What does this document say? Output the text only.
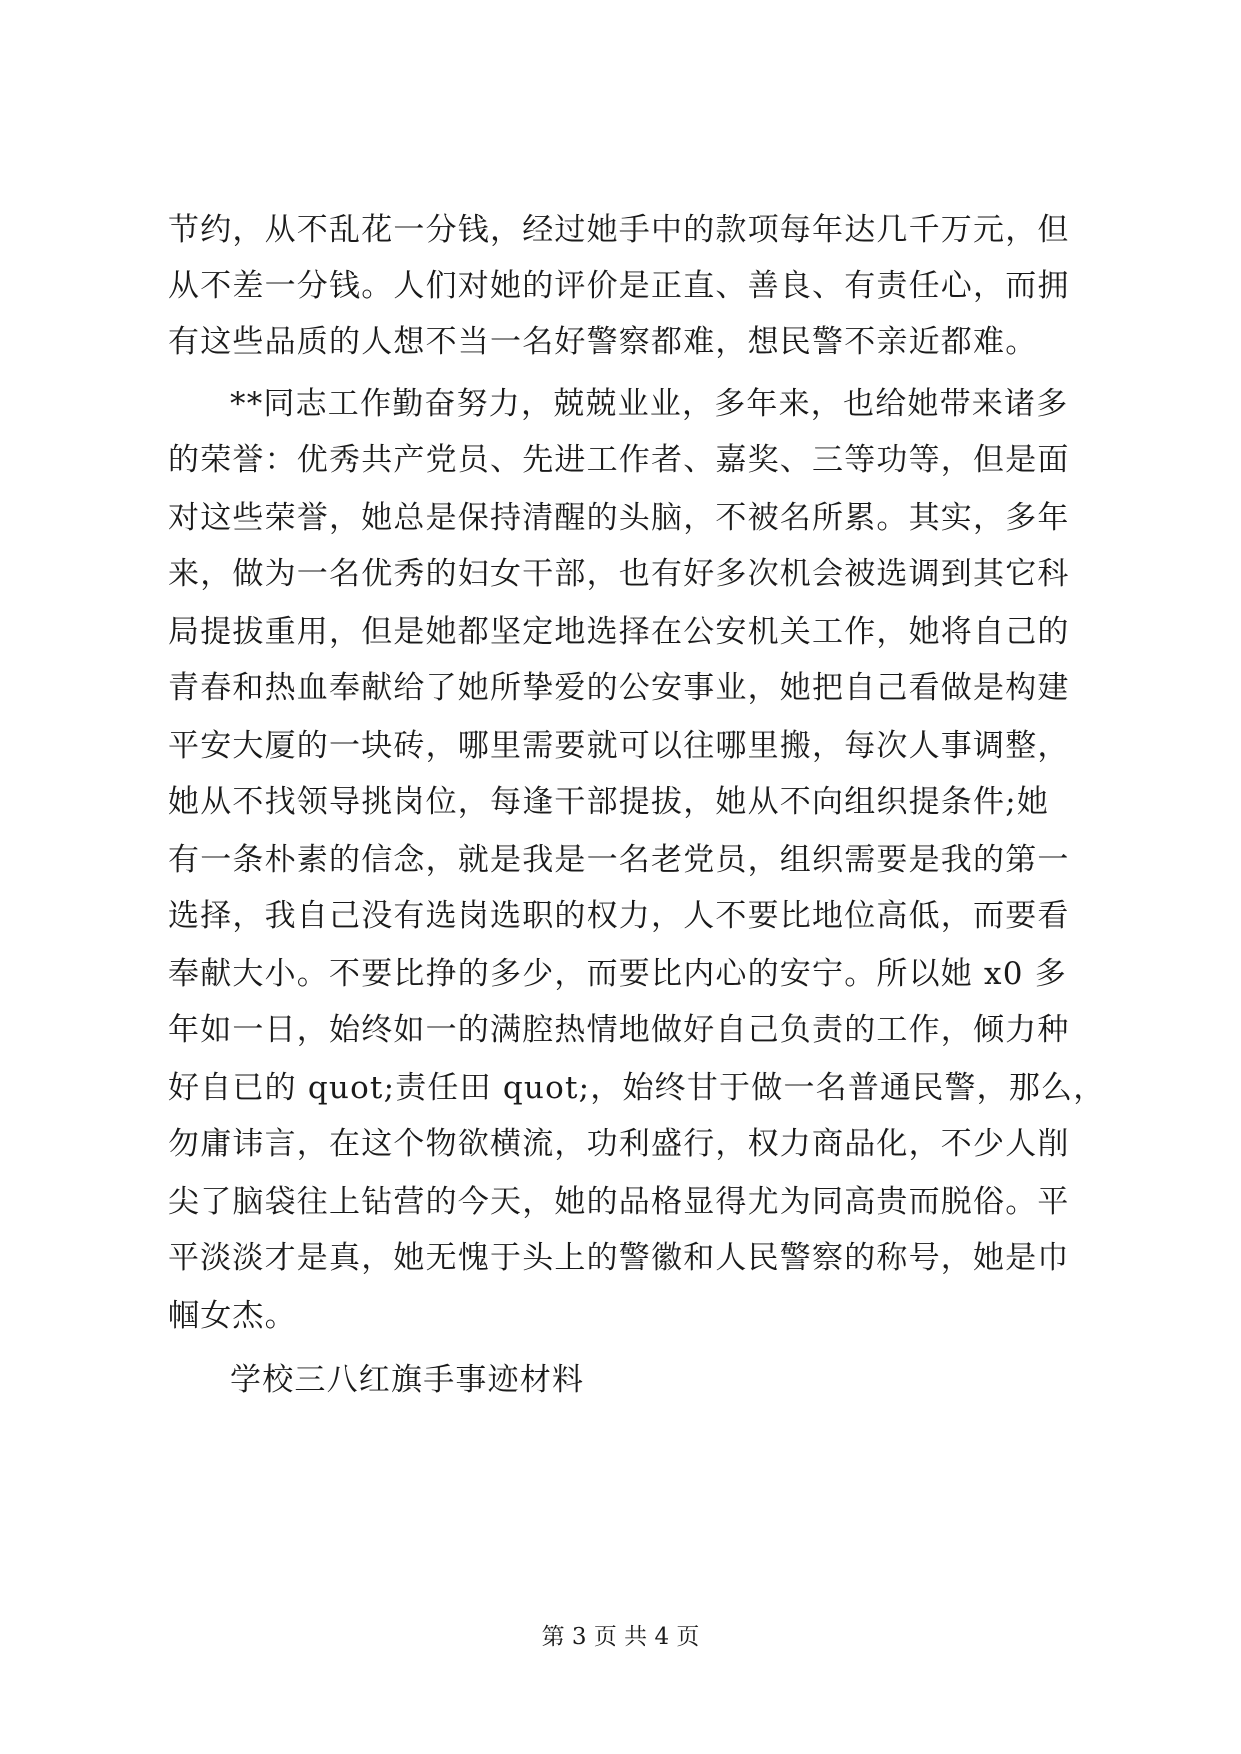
节约，从不乱花一分钱，经过她手中的款项每年达几千万元，但
从不差一分钱。人们对她的评价是正直、善良、有责任心，而拥
有这些品质的人想不当一名好警察都难，想民警不亲近都难。
**同志工作勤奋努力，兢兢业业，多年来，也给她带来诸多
的荣誉：优秀共产党员、先进工作者、嘉奖、三等功等，但是面
对这些荣誉，她总是保持清醒的头脑，不被名所累。其实，多年
来，做为一名优秀的妇女干部，也有好多次机会被选调到其它科
局提拔重用，但是她都坚定地选择在公安机关工作，她将自己的
青春和热血奉献给了她所挚爱的公安事业，她把自己看做是构建
平安大厦的一块砖，哪里需要就可以往哪里搬，每次人事调整，
她从不找领导挑岗位，每逢干部提拔，她从不向组织提条件;她
有一条朴素的信念，就是我是一名老党员，组织需要是我的第一
选择，我自己没有选岗选职的权力，人不要比地位高低，而要看
奉献大小。不要比挣的多少，而要比内心的安宁。所以她 x0 多
年如一日，始终如一的满腔热情地做好自己负责的工作，倾力种
好自已的 quot;责任田 quot;，始终甘于做一名普通民警，那么，
勿庸讳言，在这个物欲横流，功利盛行，权力商品化，不少人削
尖了脑袋往上钻营的今天，她的品格显得尤为同高贵而脱俗。平
平淡淡才是真，她无愧于头上的警徽和人民警察的称号，她是巾
帼女杰。
学校三八红旗手事迹材料
第 3 页 共 4 页
